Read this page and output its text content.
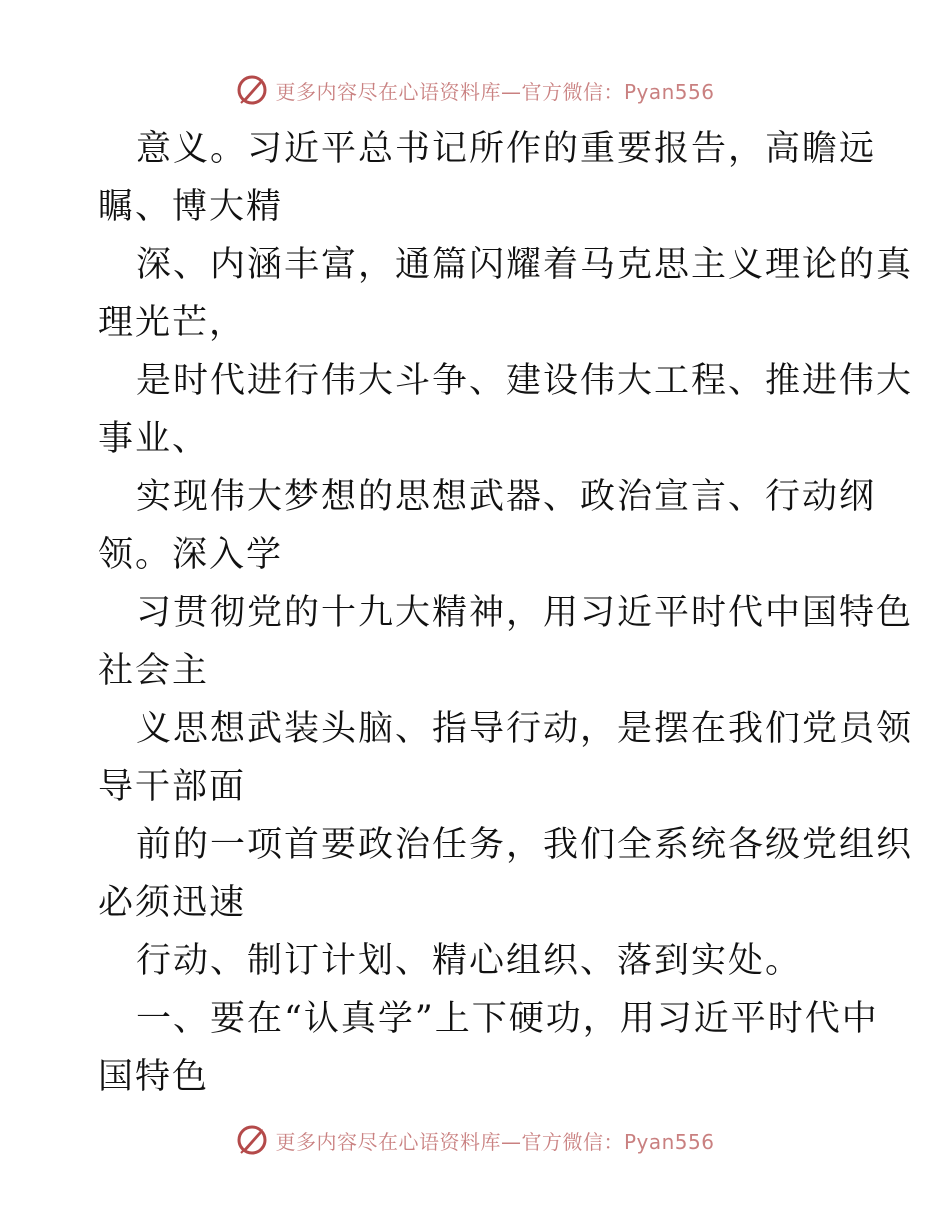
更多内容尽在心语资料库—官方微信：Pyan556
意义。习近平总书记所作的重要报告，高瞻远
瞩、博大精
深、内涵丰富，通篇闪耀着马克思主义理论的真
理光芒，
是时代进行伟大斗争、建设伟大工程、推进伟大
事业、
实现伟大梦想的思想武器、政治宣言、行动纲
领。深入学
习贯彻党的十九大精神，用习近平时代中国特色
社会主
义思想武装头脑、指导行动，是摆在我们党员领
导干部面
前的一项首要政治任务，我们全系统各级党组织
必须迅速
行动、制订计划、精心组织、落到实处。
一、要在“认真学”上下硬功，用习近平时代中
国特色
更多内容尽在心语资料库—官方微信：Pyan556
